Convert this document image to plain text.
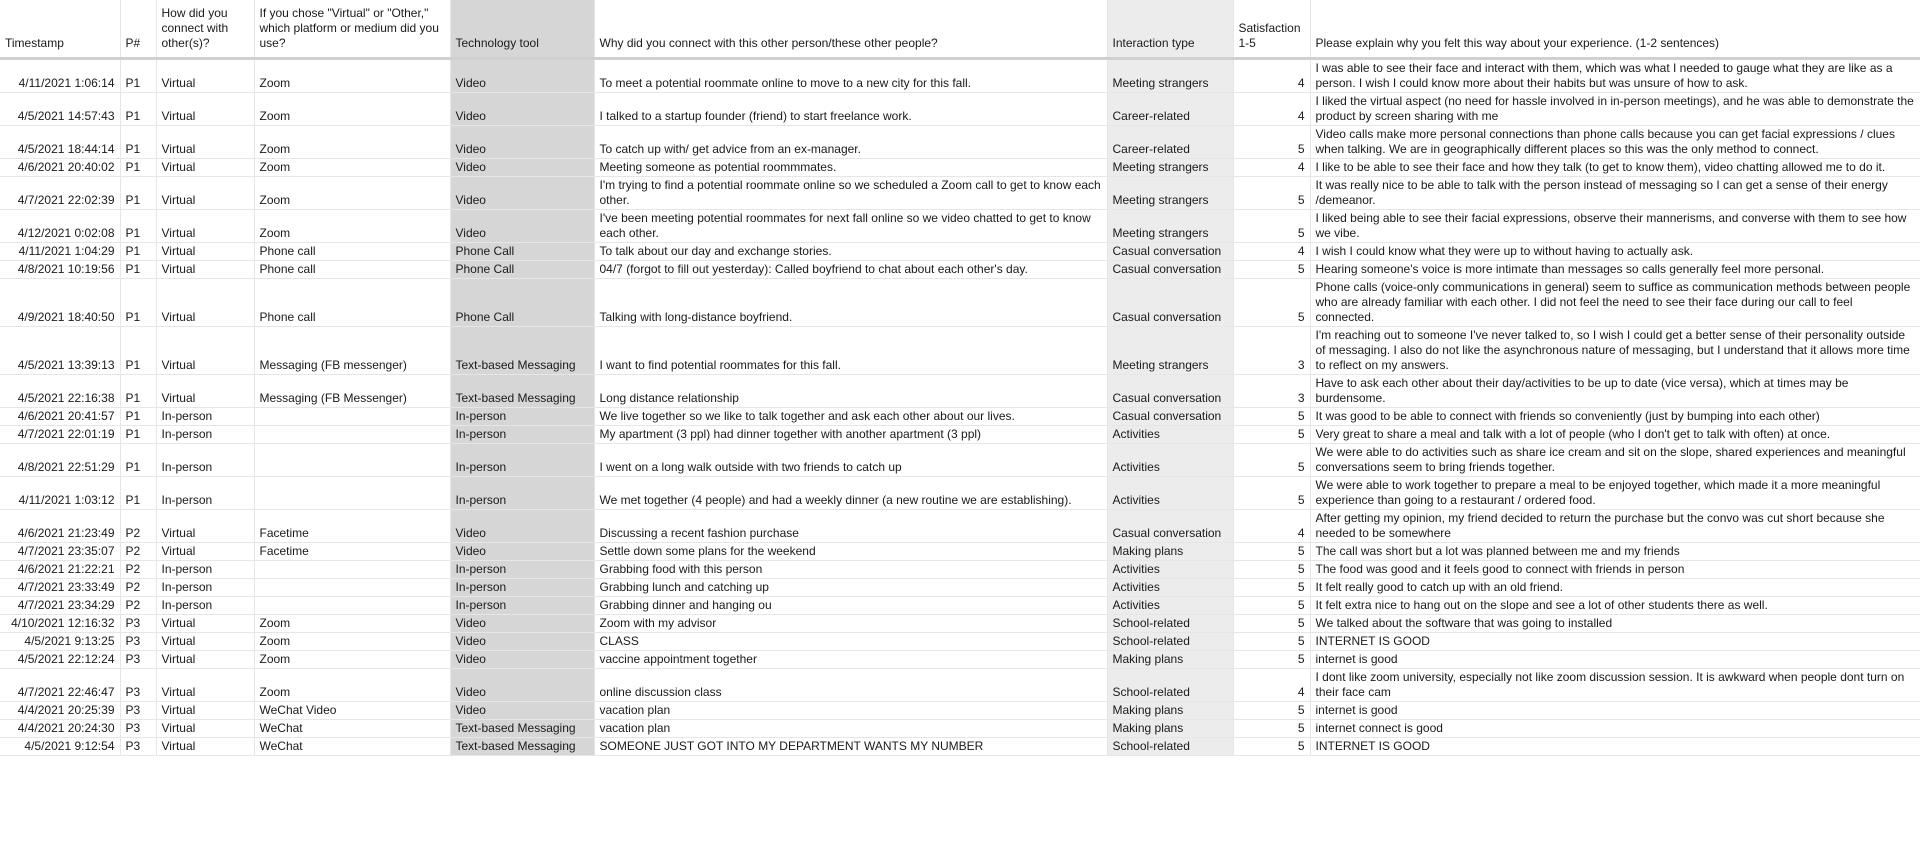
Timestamp	P#	How did you connect with other(s)?	If you chose "Virtual" or "Other," which platform or medium did you use?	Technology tool	Why did you connect with this other person/these other people?	Interaction type	Satisfaction 1-5	Please explain why you felt this way about your experience. (1-2 sentences)
4/11/2021 1:06:14	P1	Virtual	Zoom	Video	To meet a potential roommate online to move to a new city for this fall.	Meeting strangers	4	I was able to see their face and interact with them, which was what I needed to gauge what they are like as a person. I wish I could know more about their habits but was unsure of how to ask.
4/5/2021 14:57:43	P1	Virtual	Zoom	Video	I talked to a startup founder (friend) to start freelance work.	Career-related	4	I liked the virtual aspect (no need for hassle involved in in-person meetings), and he was able to demonstrate the product by screen sharing with me
4/5/2021 18:44:14	P1	Virtual	Zoom	Video	To catch up with/ get advice from an ex-manager.	Career-related	5	Video calls make more personal connections than phone calls because you can get facial expressions / clues when talking. We are in geographically different places so this was the only method to connect.
4/6/2021 20:40:02	P1	Virtual	Zoom	Video	Meeting someone as potential roommmates.	Meeting strangers	4	I like to be able to see their face and how they talk (to get to know them), video chatting allowed me to do it.
4/7/2021 22:02:39	P1	Virtual	Zoom	Video	I'm trying to find a potential roommate online so we scheduled a Zoom call to get to know each other.	Meeting strangers	5	It was really nice to be able to talk with the person instead of messaging so I can get a sense of their energy /demeanor.
4/12/2021 0:02:08	P1	Virtual	Zoom	Video	I've been meeting potential roommates for next fall online so we video chatted to get to know each other.	Meeting strangers	5	I liked being able to see their facial expressions, observe their mannerisms, and converse with them to see how we vibe.
4/11/2021 1:04:29	P1	Virtual	Phone call	Phone Call	To talk about our day and exchange stories.	Casual conversation	4	I wish I could know what they were up to without having to actually ask.
4/8/2021 10:19:56	P1	Virtual	Phone call	Phone Call	04/7 (forgot to fill out yesterday): Called boyfriend to chat about each other's day.	Casual conversation	5	Hearing someone's voice is more intimate than messages so calls generally feel more personal.
4/9/2021 18:40:50	P1	Virtual	Phone call	Phone Call	Talking with long-distance boyfriend.	Casual conversation	5	Phone calls (voice-only communications in general) seem to suffice as communication methods between people who are already familiar with each other. I did not feel the need to see their face during our call to feel connected.
4/5/2021 13:39:13	P1	Virtual	Messaging (FB messenger)	Text-based Messaging	I want to find potential roommates for this fall.	Meeting strangers	3	I'm reaching out to someone I've never talked to, so I wish I could get a better sense of their personality outside of messaging. I also do not like the asynchronous nature of messaging, but I understand that it allows more time to reflect on my answers.
4/5/2021 22:16:38	P1	Virtual	Messaging (FB Messenger)	Text-based Messaging	Long distance relationship	Casual conversation	3	Have to ask each other about their day/activities to be up to date (vice versa), which at times may be burdensome.
4/6/2021 20:41:57	P1	In-person		In-person	We live together so we like to talk together and ask each other about our lives.	Casual conversation	5	It was good to be able to connect with friends so conveniently (just by bumping into each other)
4/7/2021 22:01:19	P1	In-person		In-person	My apartment (3 ppl) had dinner together with another apartment (3 ppl)	Activities	5	Very great to share a meal and talk with a lot of people (who I don't get to talk with often) at once.
4/8/2021 22:51:29	P1	In-person		In-person	I went on a long walk outside with two friends to catch up	Activities	5	We were able to do activities such as share ice cream and sit on the slope, shared experiences and meaningful conversations seem to bring friends together.
4/11/2021 1:03:12	P1	In-person		In-person	We met together (4 people) and had a weekly dinner (a new routine we are establishing).	Activities	5	We were able to work together to prepare a meal to be enjoyed together, which made it a more meaningful experience than going to a restaurant / ordered food.
4/6/2021 21:23:49	P2	Virtual	Facetime	Video	Discussing a recent fashion purchase	Casual conversation	4	After getting my opinion, my friend decided to return the purchase but the convo was cut short because she needed to be somewhere
4/7/2021 23:35:07	P2	Virtual	Facetime	Video	Settle down some plans for the weekend	Making plans	5	The call was short but a lot was planned between me and my friends
4/6/2021 21:22:21	P2	In-person		In-person	Grabbing food with this person	Activities	5	The food was good and it feels good to connect with friends in person
4/7/2021 23:33:49	P2	In-person		In-person	Grabbing lunch and catching up	Activities	5	It felt really good to catch up with an old friend.
4/7/2021 23:34:29	P2	In-person		In-person	Grabbing dinner and hanging ou	Activities	5	It felt extra nice to hang out on the slope and see a lot of other students there as well.
4/10/2021 12:16:32	P3	Virtual	Zoom	Video	Zoom with my advisor	School-related	5	We talked about the software that was going to installed
4/5/2021 9:13:25	P3	Virtual	Zoom	Video	CLASS	School-related	5	INTERNET IS GOOD
4/5/2021 22:12:24	P3	Virtual	Zoom	Video	vaccine appointment together	Making plans	5	internet is good
4/7/2021 22:46:47	P3	Virtual	Zoom	Video	online discussion class	School-related	4	I dont like zoom university, especially not like zoom discussion session. It is awkward when people dont turn on their face cam
4/4/2021 20:25:39	P3	Virtual	WeChat Video	Video	vacation plan	Making plans	5	internet is good
4/4/2021 20:24:30	P3	Virtual	WeChat	Text-based Messaging	vacation plan	Making plans	5	internet connect is good
4/5/2021 9:12:54	P3	Virtual	WeChat	Text-based Messaging	SOMEONE JUST GOT INTO MY DEPARTMENT WANTS MY NUMBER	School-related	5	INTERNET IS GOOD
